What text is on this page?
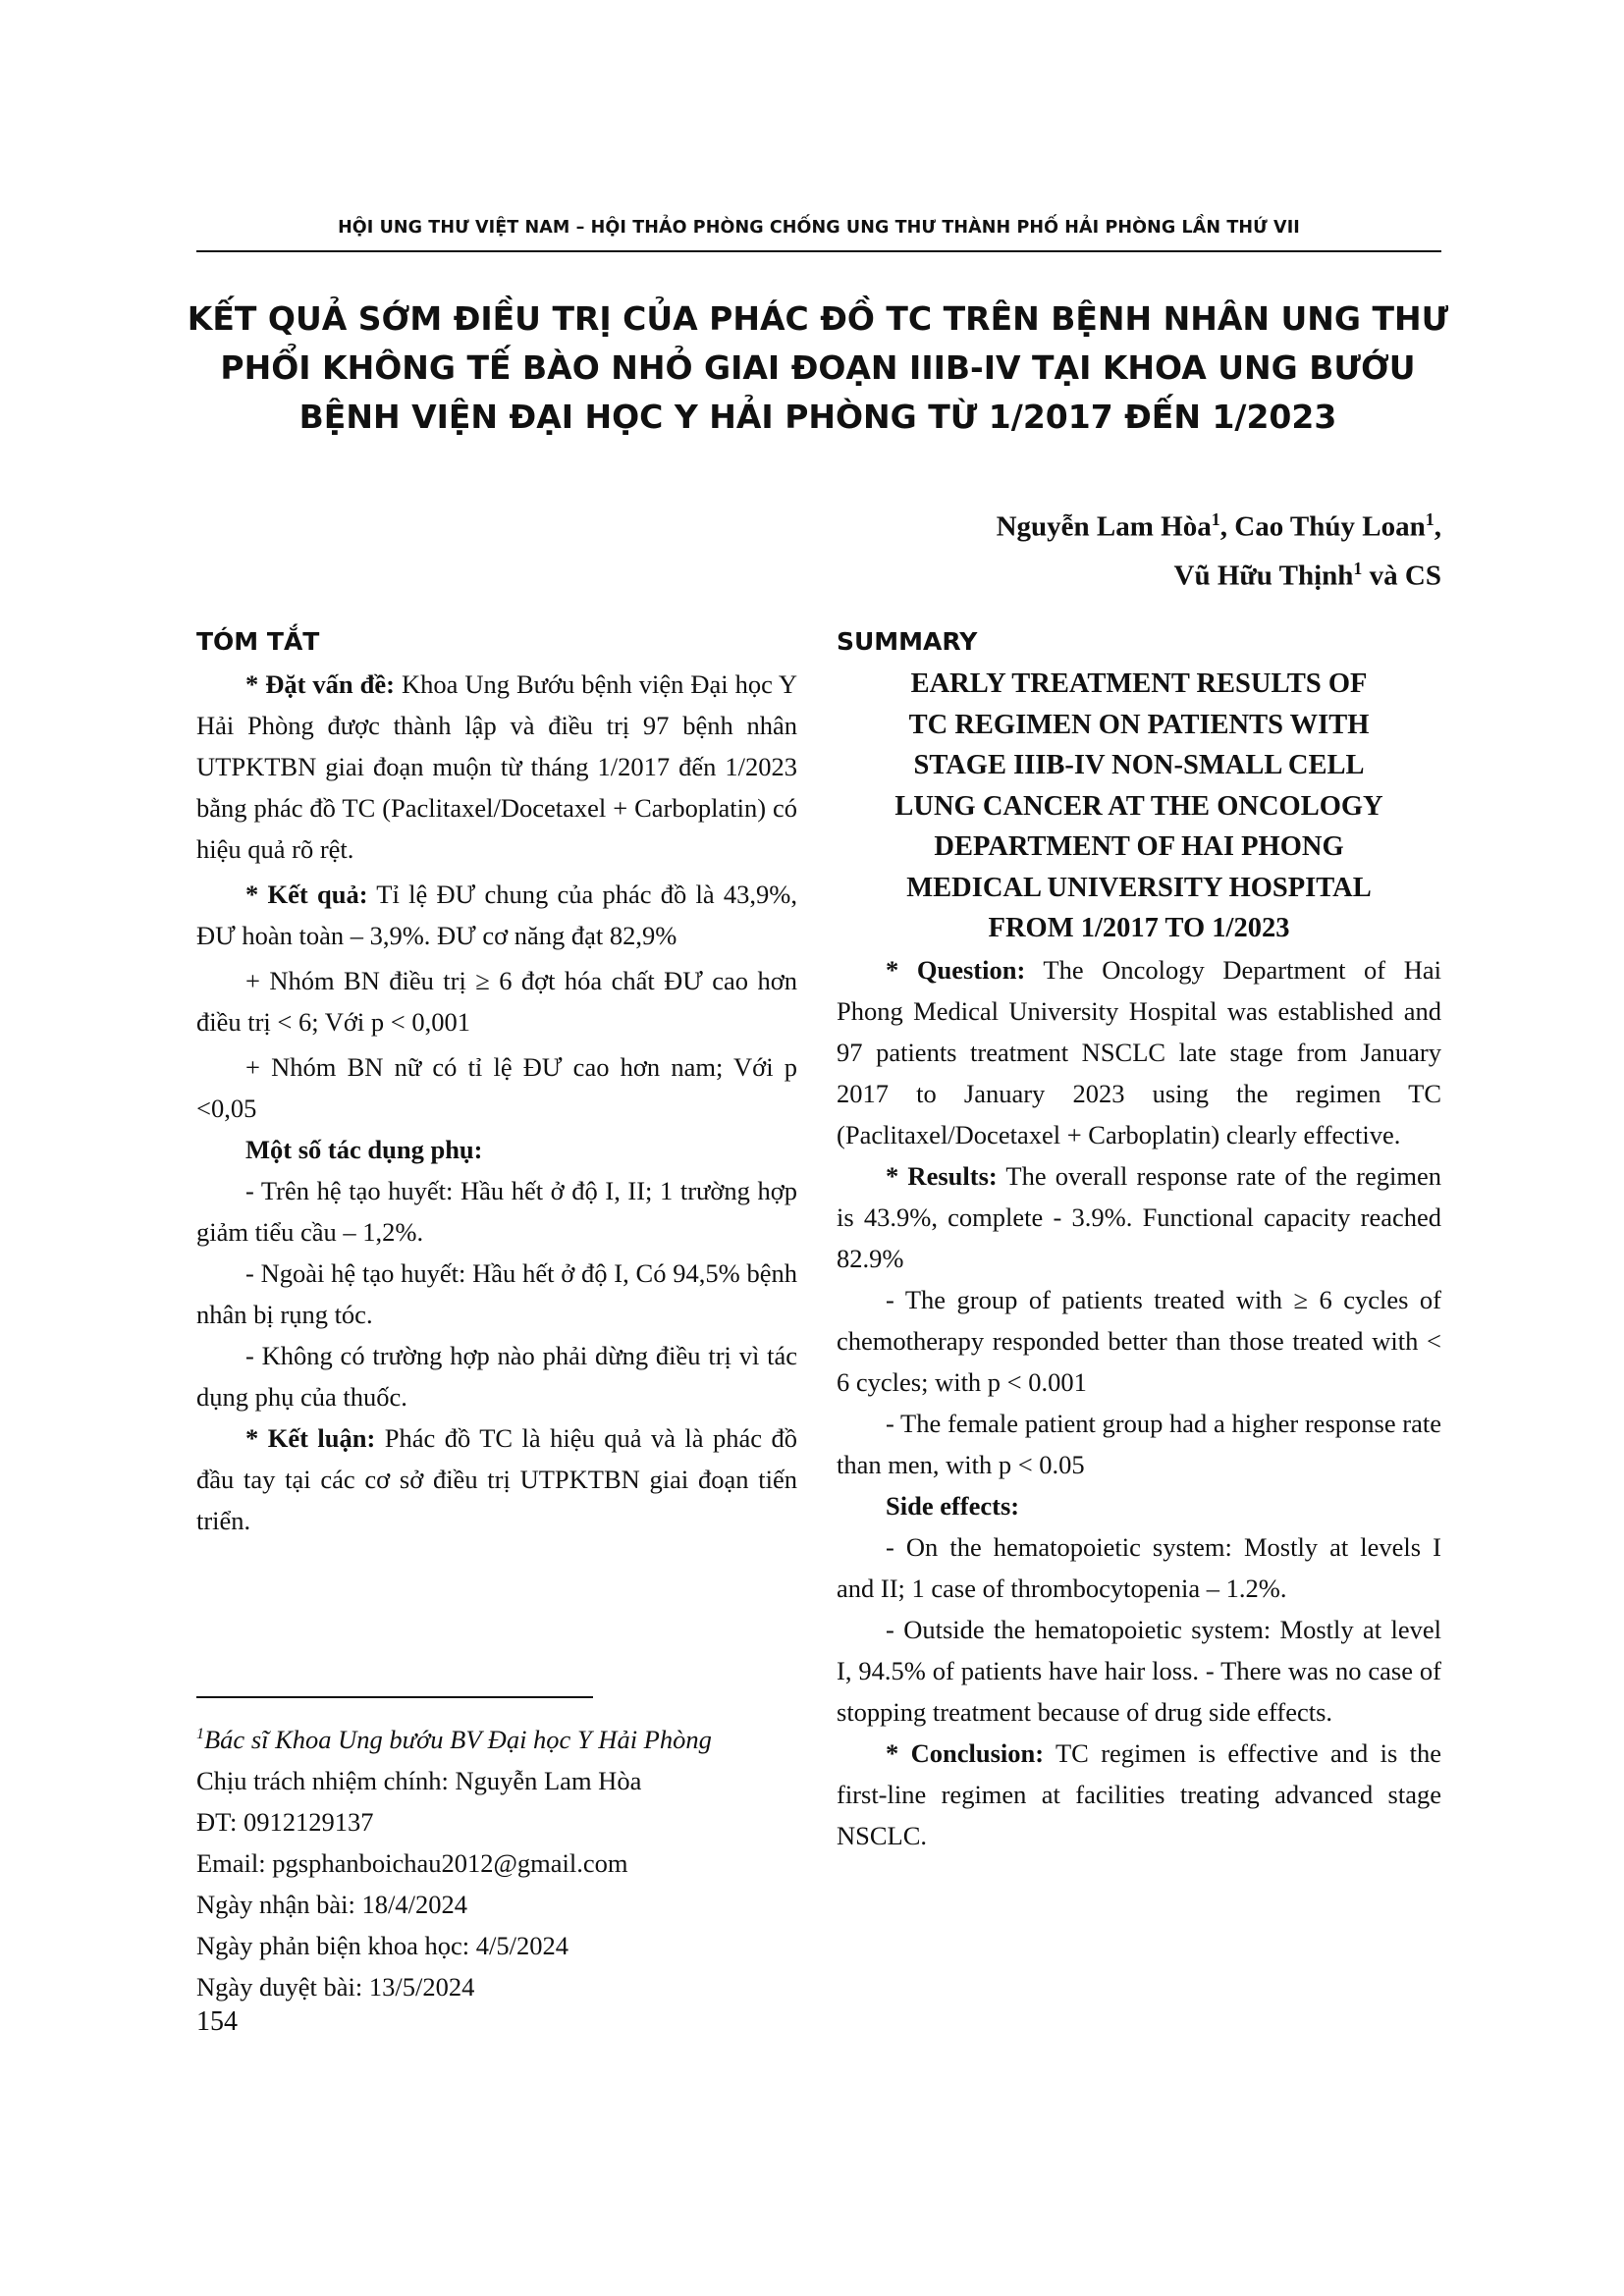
HỘI UNG THƯ VIỆT NAM – HỘI THẢO PHÒNG CHỐNG UNG THƯ THÀNH PHỐ HẢI PHÒNG LẦN THỨ VII
KẾT QUẢ SỚM ĐIỀU TRỊ CỦA PHÁC ĐỒ TC TRÊN BỆNH NHÂN UNG THƯ
PHỔI KHÔNG TẾ BÀO NHỎ GIAI ĐOẠN IIIB-IV TẠI KHOA UNG BƯỚU
BỆNH VIỆN ĐẠI HỌC Y HẢI PHÒNG TỪ 1/2017 ĐẾN 1/2023
Nguyễn Lam Hòa$^1$, Cao Thúy Loan$^1$,
Vũ Hữu Thịnh$^1$ và CS
TÓM TẮT

* Đặt vấn đề: Khoa Ung Bướu bệnh viện Đại học Y Hải Phòng được thành lập và điều trị 97 bệnh nhân UTPKTBN giai đoạn muộn từ tháng 1/2017 đến 1/2023 bằng phác đồ TC (Paclitaxel/Docetaxel + Carboplatin) có hiệu quả rõ rệt.

* Kết quả: Tỉ lệ ĐƯ chung của phác đồ là 43,9%, ĐƯ hoàn toàn – 3,9%. ĐƯ cơ năng đạt 82,9%

+ Nhóm BN điều trị ≥ 6 đợt hóa chất ĐƯ cao hơn điều trị < 6; Với p < 0,001

+ Nhóm BN nữ có tỉ lệ ĐƯ cao hơn nam; Với p <0,05

Một số tác dụng phụ:

- Trên hệ tạo huyết: Hầu hết ở độ I, II; 1 trường hợp giảm tiểu cầu – 1,2%.

- Ngoài hệ tạo huyết: Hầu hết ở độ I, Có 94,5% bệnh nhân bị rụng tóc.

- Không có trường hợp nào phải dừng điều trị vì tác dụng phụ của thuốc.

* Kết luận: Phác đồ TC là hiệu quả và là phác đồ đầu tay tại các cơ sở điều trị UTPKTBN giai đoạn tiến triển.

SUMMARY
EARLY TREATMENT RESULTS OF
TC REGIMEN ON PATIENTS WITH
STAGE IIIB-IV NON-SMALL CELL
LUNG CANCER AT THE ONCOLOGY
DEPARTMENT OF HAI PHONG
MEDICAL UNIVERSITY HOSPITAL
FROM 1/2017 TO 1/2023

* Question: The Oncology Department of Hai Phong Medical University Hospital was established and 97 patients treatment NSCLC late stage from January 2017 to January 2023 using the regimen TC (Paclitaxel/Docetaxel + Carboplatin) clearly effective.

* Results: The overall response rate of the regimen is 43.9%, complete - 3.9%. Functional capacity reached 82.9%

- The group of patients treated with ≥ 6 cycles of chemotherapy responded better than those treated with < 6 cycles; with p < 0.001

- The female patient group had a higher response rate than men, with p < 0.05

Side effects:

- On the hematopoietic system: Mostly at levels I and II; 1 case of thrombocytopenia – 1.2%.

- Outside the hematopoietic system: Mostly at level I, 94.5% of patients have hair loss. - There was no case of stopping treatment because of drug side effects.

* Conclusion: TC regimen is effective and is the first-line regimen at facilities treating advanced stage NSCLC.

$^1$Bác sĩ Khoa Ung bướu BV Đại học Y Hải Phòng
Chịu trách nhiệm chính: Nguyễn Lam Hòa
ĐT: 0912129137
Email: pgsphanboichau2012@gmail.com
Ngày nhận bài: 18/4/2024
Ngày phản biện khoa học: 4/5/2024
Ngày duyệt bài: 13/5/2024
154
